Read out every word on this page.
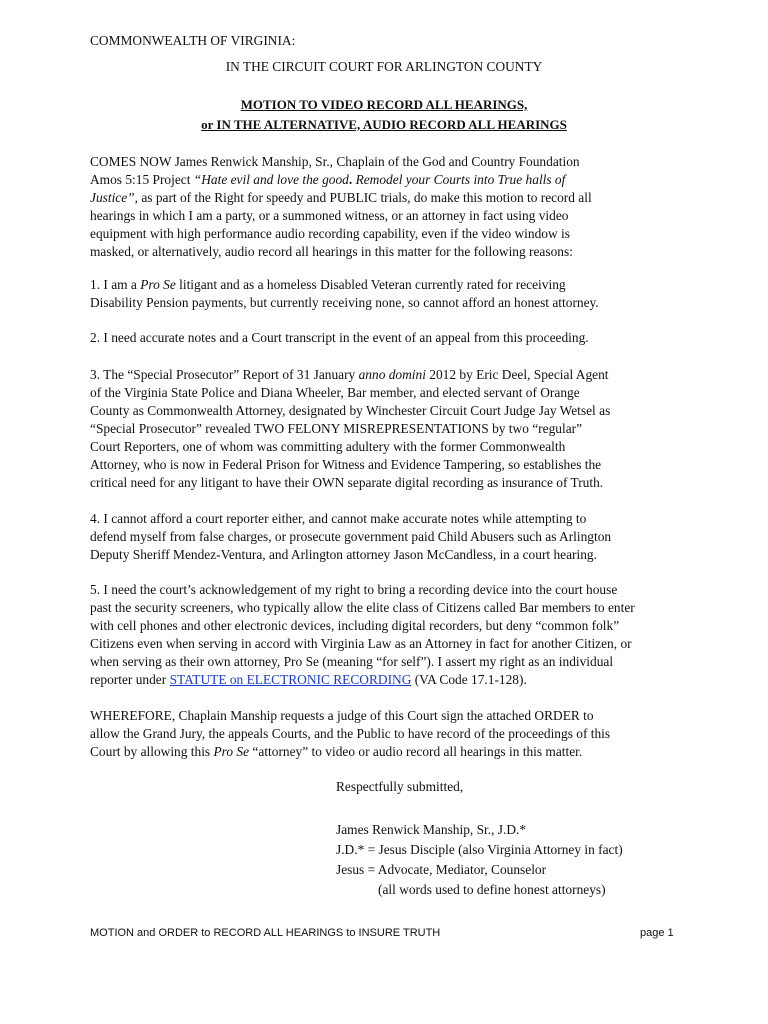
COMMONWEALTH OF VIRGINIA:
IN THE CIRCUIT COURT FOR ARLINGTON COUNTY
MOTION TO VIDEO RECORD ALL HEARINGS,
or IN THE ALTERNATIVE, AUDIO RECORD ALL HEARINGS
COMES NOW James Renwick Manship, Sr., Chaplain of the God and Country Foundation
Amos 5:15 Project “Hate evil and love the good. Remodel your Courts into True halls of
Justice”, as part of the Right for speedy and PUBLIC trials, do make this motion to record all
hearings in which I am a party, or a summoned witness, or an attorney in fact using video
equipment with high performance audio recording capability, even if the video window is
masked, or alternatively, audio record all hearings in this matter for the following reasons:
1. I am a Pro Se litigant and as a homeless Disabled Veteran currently rated for receiving
Disability Pension payments, but currently receiving none, so cannot afford an honest attorney.
2. I need accurate notes and a Court transcript in the event of an appeal from this proceeding.
3. The “Special Prosecutor” Report of 31 January anno domini 2012 by Eric Deel, Special Agent
of the Virginia State Police and Diana Wheeler, Bar member, and elected servant of Orange
County as Commonwealth Attorney, designated by Winchester Circuit Court Judge Jay Wetsel as
“Special Prosecutor” revealed TWO FELONY MISREPRESENTATIONS by two “regular”
Court Reporters, one of whom was committing adultery with the former Commonwealth
Attorney, who is now in Federal Prison for Witness and Evidence Tampering, so establishes the
critical need for any litigant to have their OWN separate digital recording as insurance of Truth.
4. I cannot afford a court reporter either, and cannot make accurate notes while attempting to
defend myself from false charges, or prosecute government paid Child Abusers such as Arlington
Deputy Sheriff Mendez-Ventura, and Arlington attorney Jason McCandless, in a court hearing.
5. I need the court’s acknowledgement of my right to bring a recording device into the court house
past the security screeners, who typically allow the elite class of Citizens called Bar members to enter
with cell phones and other electronic devices, including digital recorders, but deny “common folk”
Citizens even when serving in accord with Virginia Law as an Attorney in fact for another Citizen, or
when serving as their own attorney, Pro Se (meaning “for self”). I assert my right as an individual
reporter under STATUTE on ELECTRONIC RECORDING (VA Code 17.1-128).
WHEREFORE, Chaplain Manship requests a judge of this Court sign the attached ORDER to
allow the Grand Jury, the appeals Courts, and the Public to have record of the proceedings of this
Court by allowing this Pro Se “attorney” to video or audio record all hearings in this matter.
Respectfully submitted,
James Renwick Manship, Sr., J.D.*
J.D.* = Jesus Disciple (also Virginia Attorney in fact)
Jesus = Advocate, Mediator, Counselor
(all words used to define honest attorneys)
MOTION and ORDER to RECORD ALL HEARINGS to INSURE TRUTH	page 1
